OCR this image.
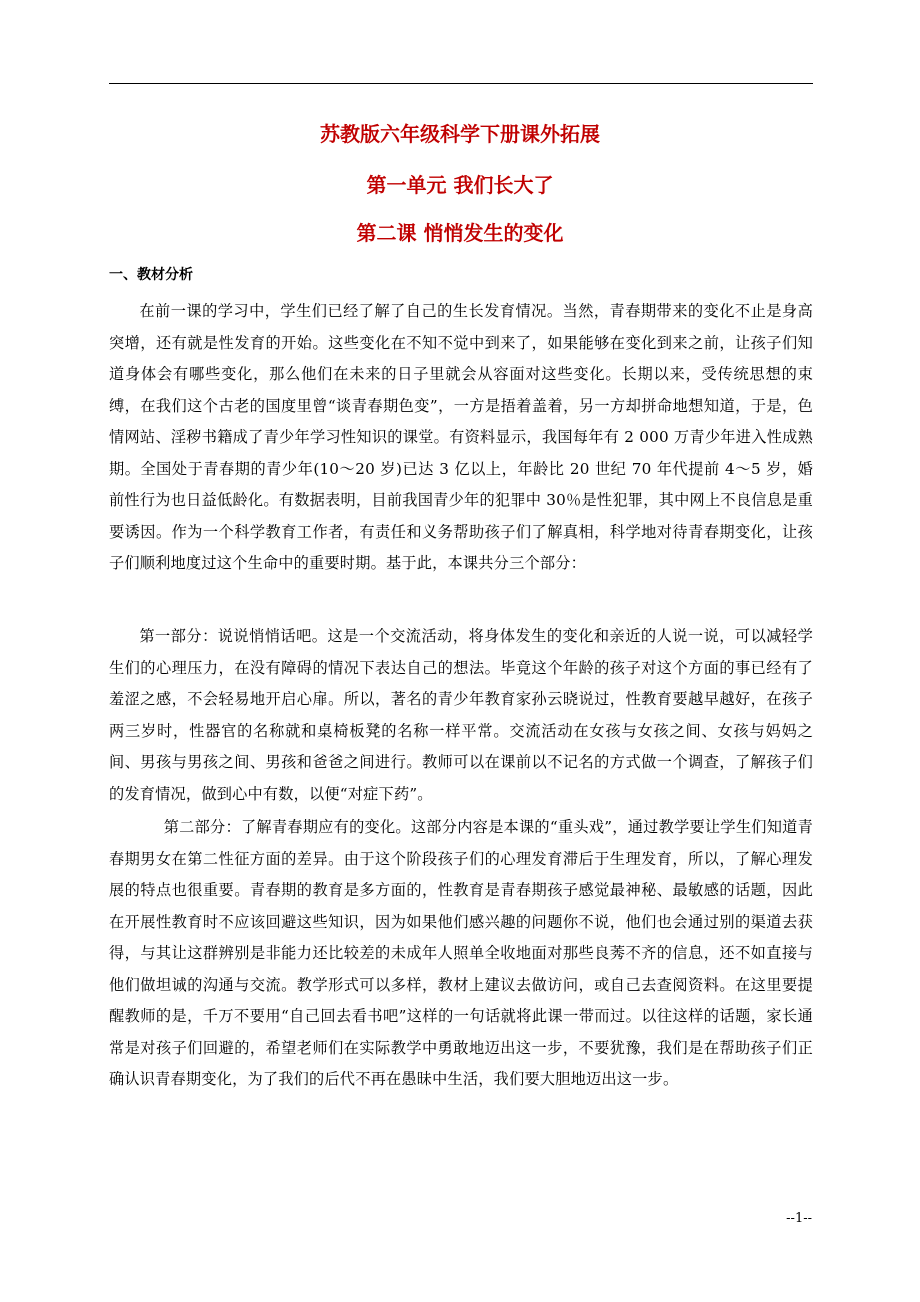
苏教版六年级科学下册课外拓展
第一单元 我们长大了
第二课 悄悄发生的变化
一、教材分析
在前一课的学习中，学生们已经了解了自己的生长发育情况。当然，青春期带来的变化不止是身高突增，还有就是性发育的开始。这些变化在不知不觉中到来了，如果能够在变化到来之前，让孩子们知道身体会有哪些变化，那么他们在未来的日子里就会从容面对这些变化。长期以来，受传统思想的束缚，在我们这个古老的国度里曾“谈青春期色变”，一方是捂着盖着，另一方却拼命地想知道，于是，色情网站、淫秽书籍成了青少年学习性知识的课堂。有资料显示，我国每年有 2 000 万青少年进入性成熟期。全国处于青春期的青少年(10～20 岁)已达 3 亿以上，年龄比 20 世纪 70 年代提前 4～5 岁，婚前性行为也日益低龄化。有数据表明，目前我国青少年的犯罪中 30％是性犯罪，其中网上不良信息是重要诱因。作为一个科学教育工作者，有责任和义务帮助孩子们了解真相，科学地对待青春期变化，让孩子们顺利地度过这个生命中的重要时期。基于此，本课共分三个部分：
第一部分：说说悄悄话吧。这是一个交流活动，将身体发生的变化和亲近的人说一说，可以减轻学生们的心理压力，在没有障碍的情况下表达自己的想法。毕竟这个年龄的孩子对这个方面的事已经有了羞涩之感，不会轻易地开启心扉。所以，著名的青少年教育家孙云晓说过，性教育要越早越好，在孩子两三岁时，性器官的名称就和桌椅板凳的名称一样平常。交流活动在女孩与女孩之间、女孩与妈妈之间、男孩与男孩之间、男孩和爸爸之间进行。教师可以在课前以不记名的方式做一个调查，了解孩子们的发育情况，做到心中有数，以便“对症下药”。
第二部分：了解青春期应有的变化。这部分内容是本课的“重头戏”，通过教学要让学生们知道青春期男女在第二性征方面的差异。由于这个阶段孩子们的心理发育滞后于生理发育，所以，了解心理发展的特点也很重要。青春期的教育是多方面的，性教育是青春期孩子感觉最神秘、最敏感的话题，因此在开展性教育时不应该回避这些知识，因为如果他们感兴趣的问题你不说，他们也会通过别的渠道去获得，与其让这群辨别是非能力还比较差的未成年人照单全收地面对那些良莠不齐的信息，还不如直接与他们做坦诚的沟通与交流。教学形式可以多样，教材上建议去做访问，或自己去查阅资料。在这里要提醒教师的是，千万不要用“自己回去看书吧”这样的一句话就将此课一带而过。以往这样的话题，家长通常是对孩子们回避的，希望老师们在实际教学中勇敢地迈出这一步，不要犹豫，我们是在帮助孩子们正确认识青春期变化，为了我们的后代不再在愚昧中生活，我们要大胆地迈出这一步。
--1--
